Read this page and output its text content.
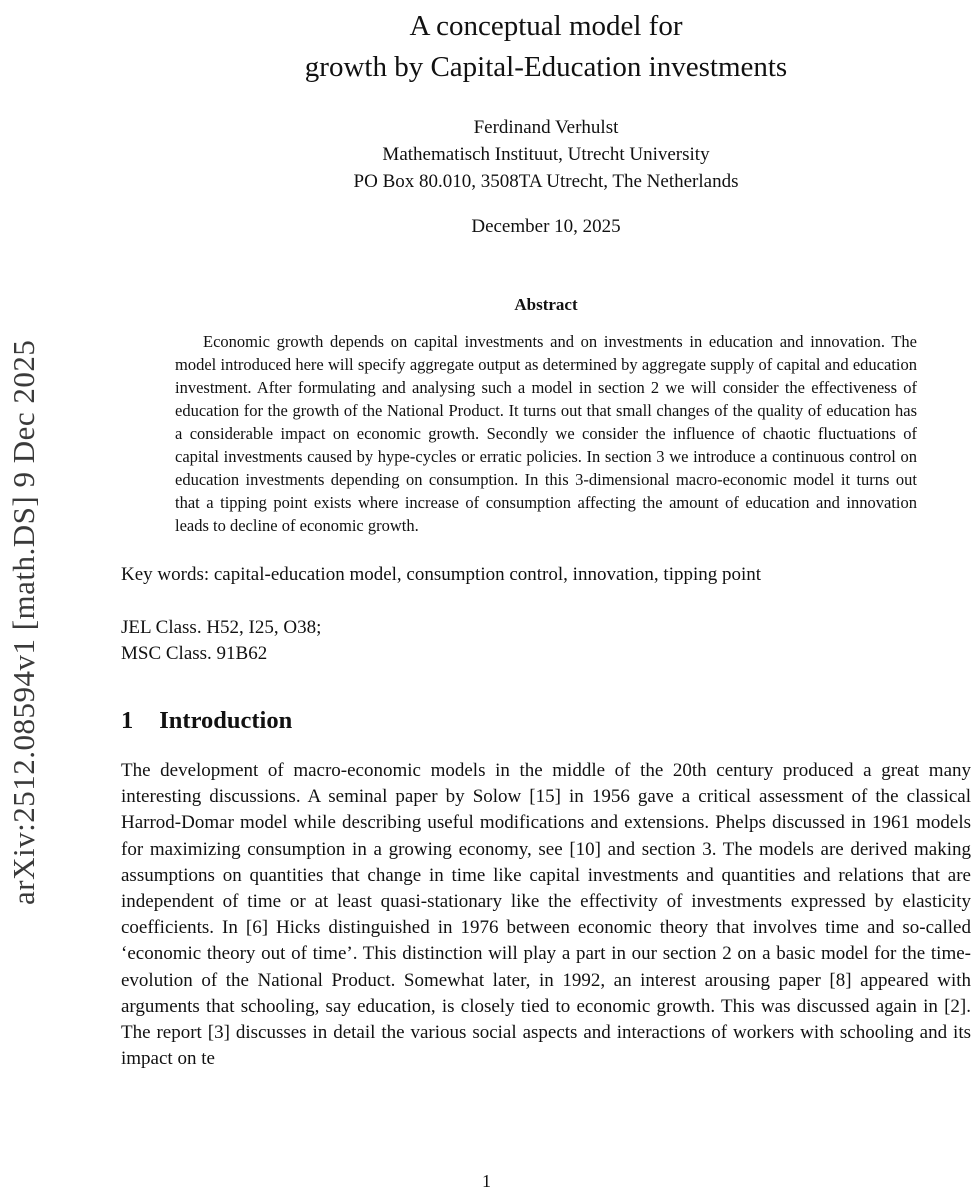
arXiv:2512.08594v1 [math.DS] 9 Dec 2025
A conceptual model for
growth by Capital-Education investments
Ferdinand Verhulst
Mathematisch Instituut, Utrecht University
PO Box 80.010, 3508TA Utrecht, The Netherlands
December 10, 2025
Abstract

Economic growth depends on capital investments and on investments in education and innovation. The model introduced here will specify aggregate output as determined by aggregate supply of capital and education investment. After formulating and analysing such a model in section 2 we will consider the effectiveness of education for the growth of the National Product. It turns out that small changes of the quality of education has a considerable impact on economic growth. Secondly we consider the influence of chaotic fluctuations of capital investments caused by hype-cycles or erratic policies. In section 3 we introduce a continuous control on education investments depending on consumption. In this 3-dimensional macro-economic model it turns out that a tipping point exists where increase of consumption affecting the amount of education and innovation leads to decline of economic growth.

Key words: capital-education model, consumption control, innovation, tipping point

JEL Class. H52, I25, O38;
MSC Class. 91B62
1 Introduction

The development of macro-economic models in the middle of the 20th century produced a great many interesting discussions. A seminal paper by Solow [15] in 1956 gave a critical assessment of the classical Harrod-Domar model while describing useful modifications and extensions. Phelps discussed in 1961 models for maximizing consumption in a growing economy, see [10] and section 3. The models are derived making assumptions on quantities that change in time like capital investments and quantities and relations that are independent of time or at least quasi-stationary like the effectivity of investments expressed by elasticity coefficients. In [6] Hicks distinguished in 1976 between economic theory that involves time and so-called ‘economic theory out of time’. This distinction will play a part in our section 2 on a basic model for the time-evolution of the National Product. Somewhat later, in 1992, an interest arousing paper [8] appeared with arguments that schooling, say education, is closely tied to economic growth. This was discussed again in [2]. The report [3] discusses in detail the various social aspects and interactions of workers with schooling and its impact on te

1
